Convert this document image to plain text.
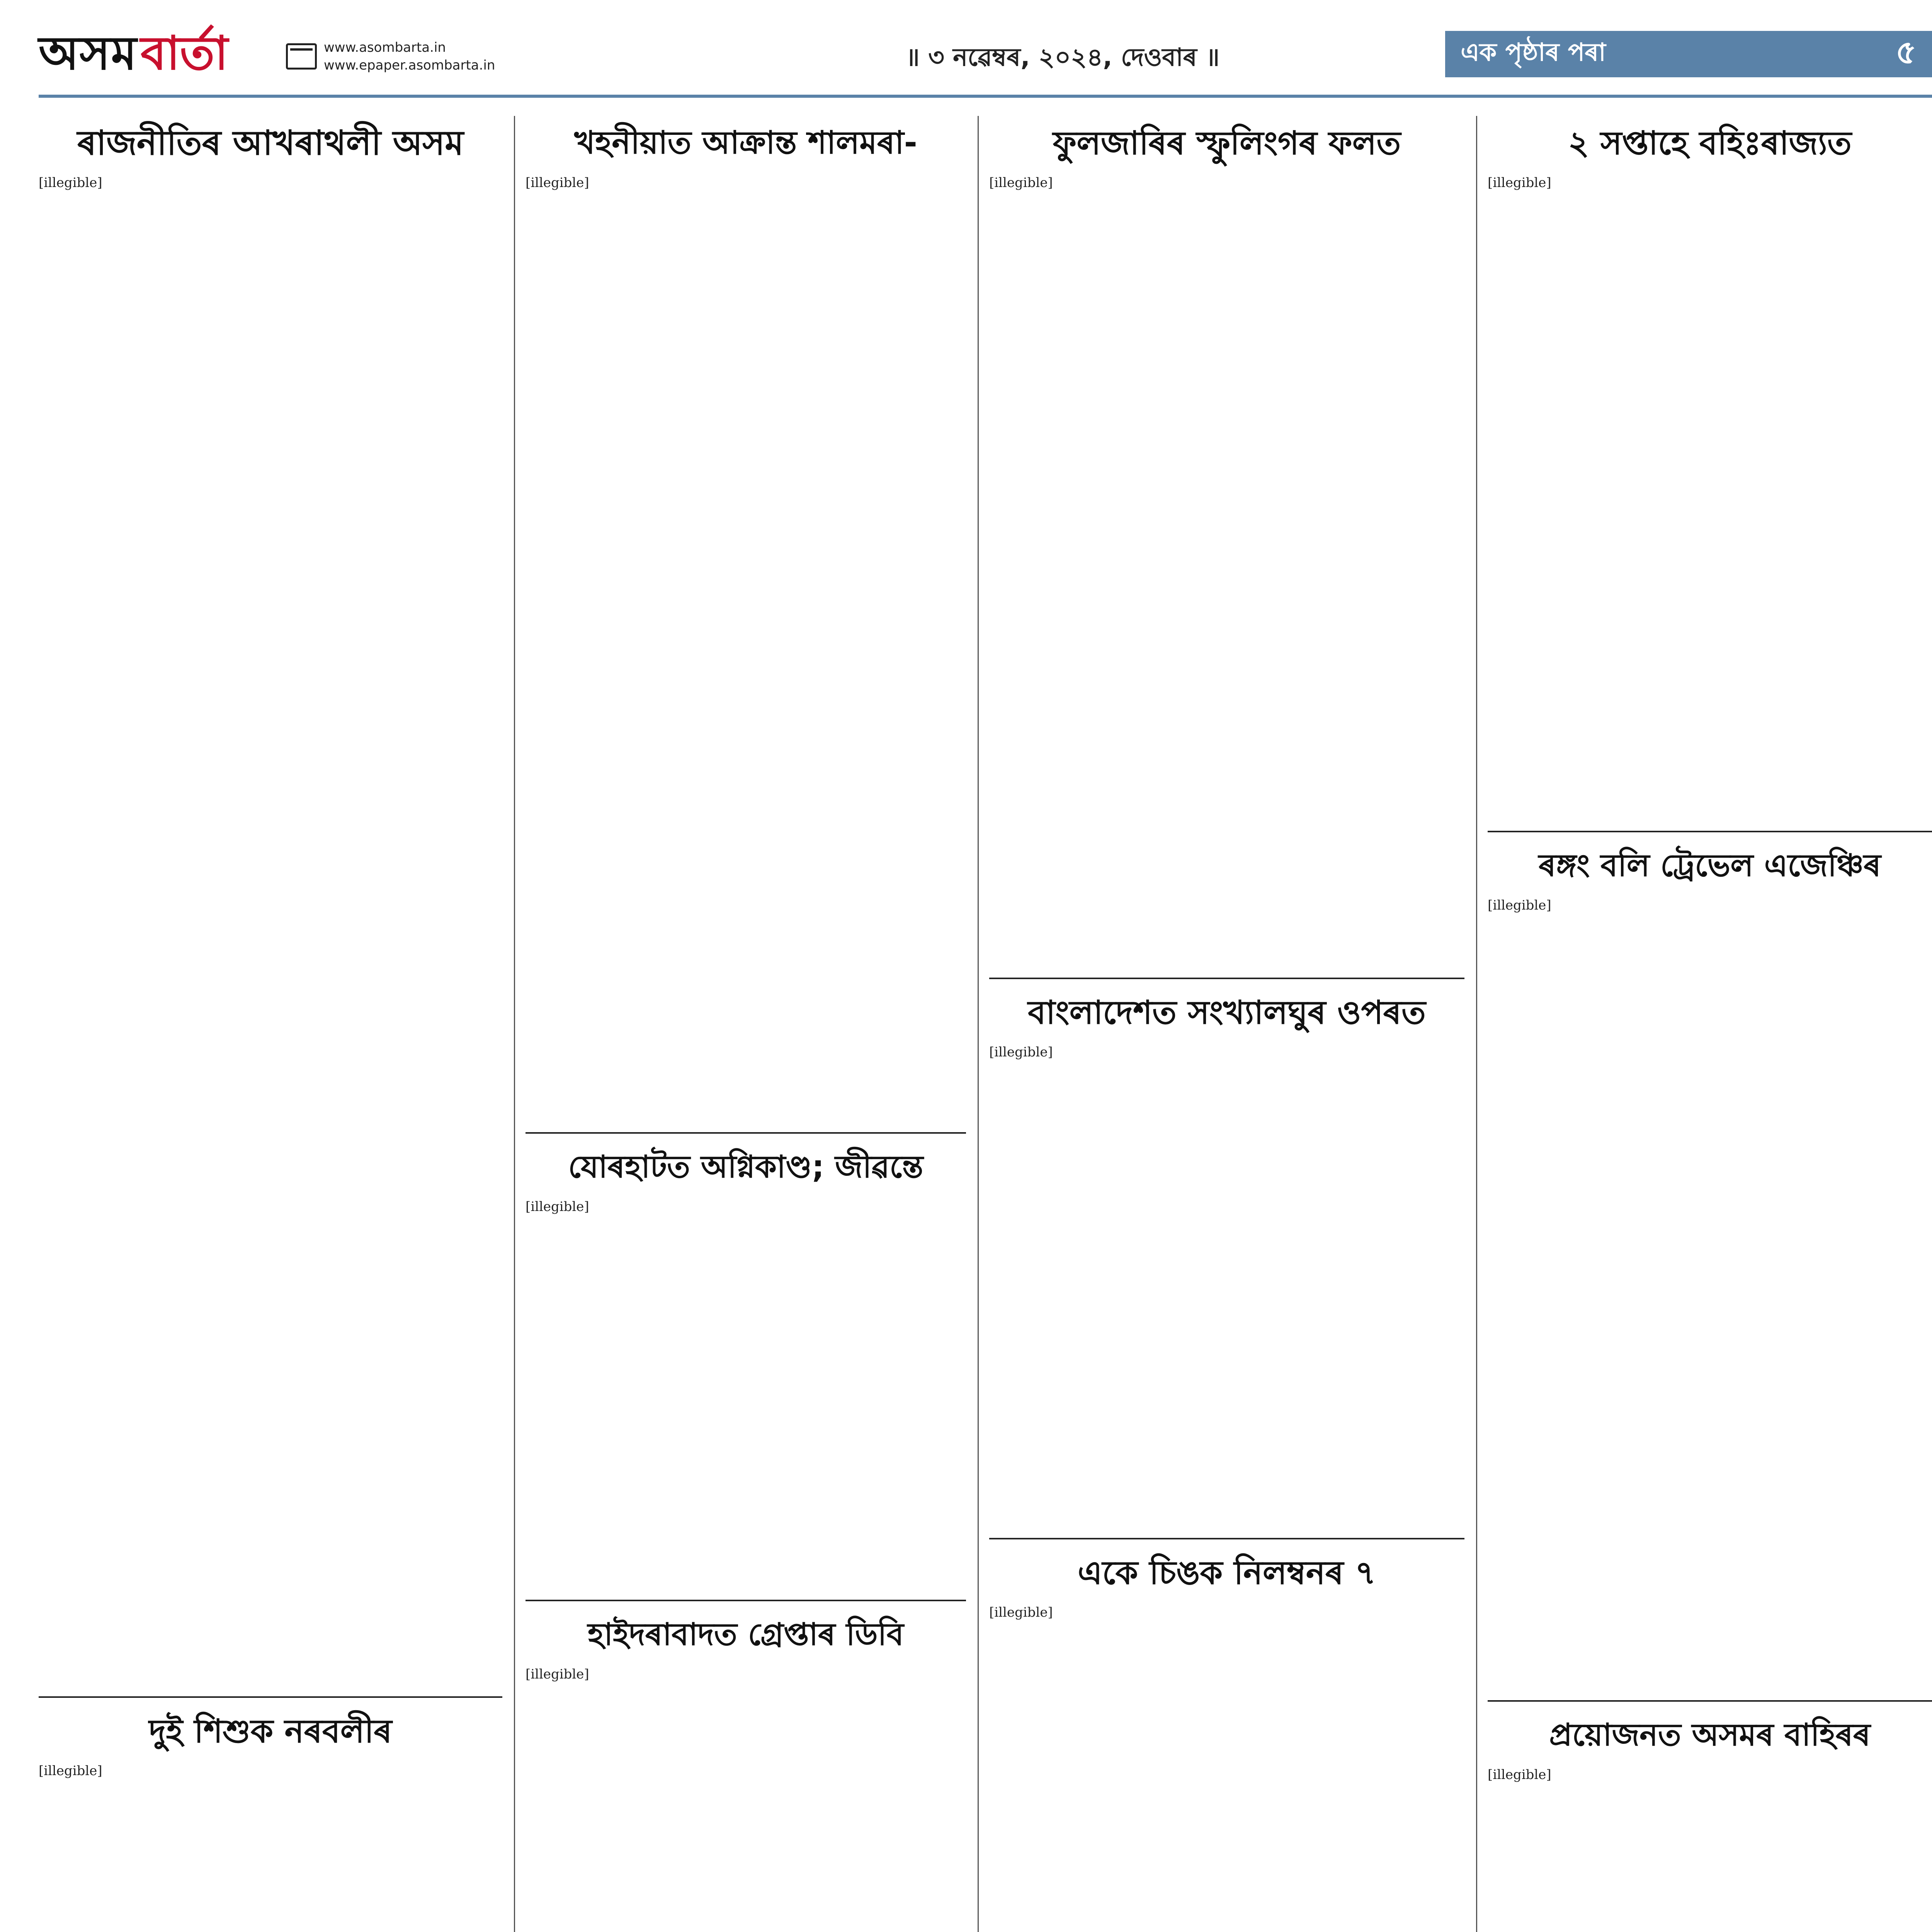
অসম বাৰ্তা	www.asombarta.in
www.epaper.asombarta.in	॥ ৩ নৱেম্বৰ, ২০২৪, দেওবাৰ ॥	এক পৃষ্ঠাৰ পৰা	৫
ৰাজনীতিৰ আখৰাথলী অসম

[illegible]

দুই শিশুক নৰবলীৰ

[illegible]

খহনীয়াত আক্ৰান্ত শালমৰা-

[illegible]

যোৰহাটত অগ্নিকাণ্ড; জীৱন্তে

[illegible]

হাইদৰাবাদত গ্ৰেপ্তাৰ ডিবি

[illegible]

ফুলজাৰিৰ স্ফুলিংগৰ ফলত

[illegible]

বাংলাদেশত সংখ্যালঘুৰ ওপৰত

[illegible]

একে চিঙক নিলম্বনৰ ৭

[illegible]

২ সপ্তাহে বহিঃৰাজ্যত

[illegible]

ৰঙ্গং বলি ট্ৰেভেল এজেঞ্চিৰ

[illegible]

প্ৰয়োজনত অসমৰ বাহিৰৰ

[illegible]
